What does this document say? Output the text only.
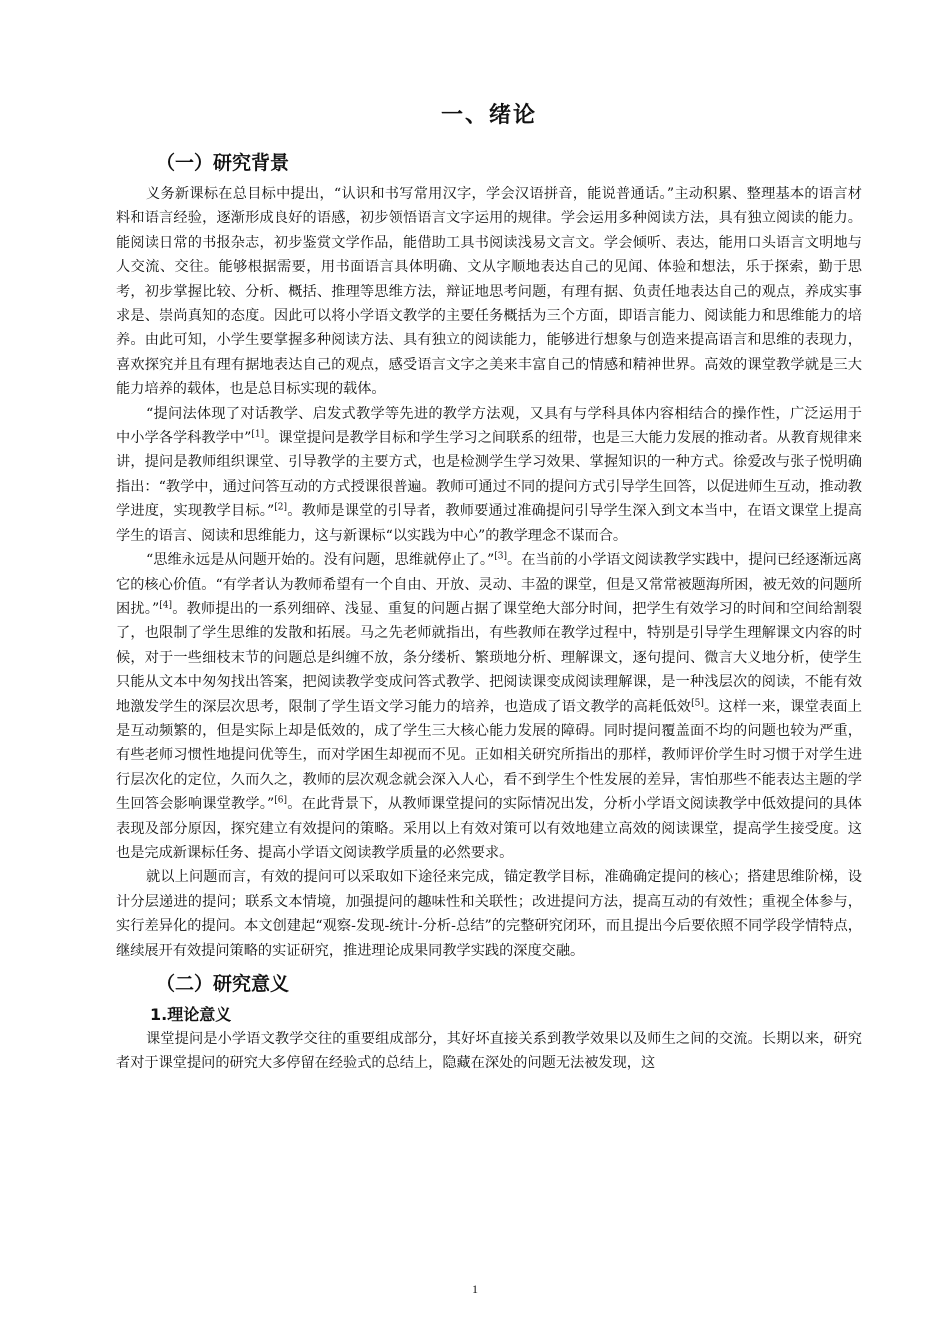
一、绪论
（一）研究背景

义务新课标在总目标中提出，“认识和书写常用汉字，学会汉语拼音，能说普通话。”主动积累、整理基本的语言材料和语言经验，逐渐形成良好的语感，初步领悟语言文字运用的规律。学会运用多种阅读方法，具有独立阅读的能力。能阅读日常的书报杂志，初步鉴赏文学作品，能借助工具书阅读浅易文言文。学会倾听、表达，能用口头语言文明地与人交流、交往。能够根据需要，用书面语言具体明确、文从字顺地表达自己的见闻、体验和想法，乐于探索，勤于思考，初步掌握比较、分析、概括、推理等思维方法，辩证地思考问题，有理有据、负责任地表达自己的观点，养成实事求是、崇尚真知的态度。因此可以将小学语文教学的主要任务概括为三个方面，即语言能力、阅读能力和思维能力的培养。由此可知，小学生要掌握多种阅读方法、具有独立的阅读能力，能够进行想象与创造来提高语言和思维的表现力，喜欢探究并且有理有据地表达自己的观点，感受语言文字之美来丰富自己的情感和精神世界。高效的课堂教学就是三大能力培养的载体，也是总目标实现的载体。

“提问法体现了对话教学、启发式教学等先进的教学方法观，又具有与学科具体内容相结合的操作性，广泛运用于中小学各学科教学中”[1]。课堂提问是教学目标和学生学习之间联系的纽带，也是三大能力发展的推动者。从教育规律来讲，提问是教师组织课堂、引导教学的主要方式，也是检测学生学习效果、掌握知识的一种方式。徐爱改与张子悦明确指出：“教学中，通过问答互动的方式授课很普遍。教师可通过不同的提问方式引导学生回答，以促进师生互动，推动教学进度，实现教学目标。”[2]。教师是课堂的引导者，教师要通过准确提问引导学生深入到文本当中，在语文课堂上提高学生的语言、阅读和思维能力，这与新课标“以实践为中心”的教学理念不谋而合。

“思维永远是从问题开始的。没有问题，思维就停止了。”[3]。在当前的小学语文阅读教学实践中，提问已经逐渐远离它的核心价值。“有学者认为教师希望有一个自由、开放、灵动、丰盈的课堂，但是又常常被题海所困，被无效的问题所困扰。”[4]。教师提出的一系列细碎、浅显、重复的问题占据了课堂绝大部分时间，把学生有效学习的时间和空间给割裂了，也限制了学生思维的发散和拓展。马之先老师就指出，有些教师在教学过程中，特别是引导学生理解课文内容的时候，对于一些细枝末节的问题总是纠缠不放，条分缕析、繁琐地分析、理解课文，逐句提问、微言大义地分析，使学生只能从文本中匆匆找出答案，把阅读教学变成问答式教学、把阅读课变成阅读理解课，是一种浅层次的阅读，不能有效地激发学生的深层次思考，限制了学生语文学习能力的培养，也造成了语文教学的高耗低效[5]。这样一来，课堂表面上是互动频繁的，但是实际上却是低效的，成了学生三大核心能力发展的障碍。同时提问覆盖面不均的问题也较为严重，有些老师习惯性地提问优等生，而对学困生却视而不见。正如相关研究所指出的那样，教师评价学生时习惯于对学生进行层次化的定位，久而久之，教师的层次观念就会深入人心，看不到学生个性发展的差异，害怕那些不能表达主题的学生回答会影响课堂教学。”[6]。在此背景下，从教师课堂提问的实际情况出发，分析小学语文阅读教学中低效提问的具体表现及部分原因，探究建立有效提问的策略。采用以上有效对策可以有效地建立高效的阅读课堂，提高学生接受度。这也是完成新课标任务、提高小学语文阅读教学质量的必然要求。

就以上问题而言，有效的提问可以采取如下途径来完成，锚定教学目标，准确确定提问的核心；搭建思维阶梯，设计分层递进的提问；联系文本情境，加强提问的趣味性和关联性；改进提问方法，提高互动的有效性；重视全体参与，实行差异化的提问。本文创建起“观察-发现-统计-分析-总结”的完整研究闭环，而且提出今后要依照不同学段学情特点，继续展开有效提问策略的实证研究，推进理论成果同教学实践的深度交融。

（二）研究意义
1.理论意义

课堂提问是小学语文教学交往的重要组成部分，其好坏直接关系到教学效果以及师生之间的交流。长期以来，研究者对于课堂提问的研究大多停留在经验式的总结上，隐藏在深处的问题无法被发现，这

1
